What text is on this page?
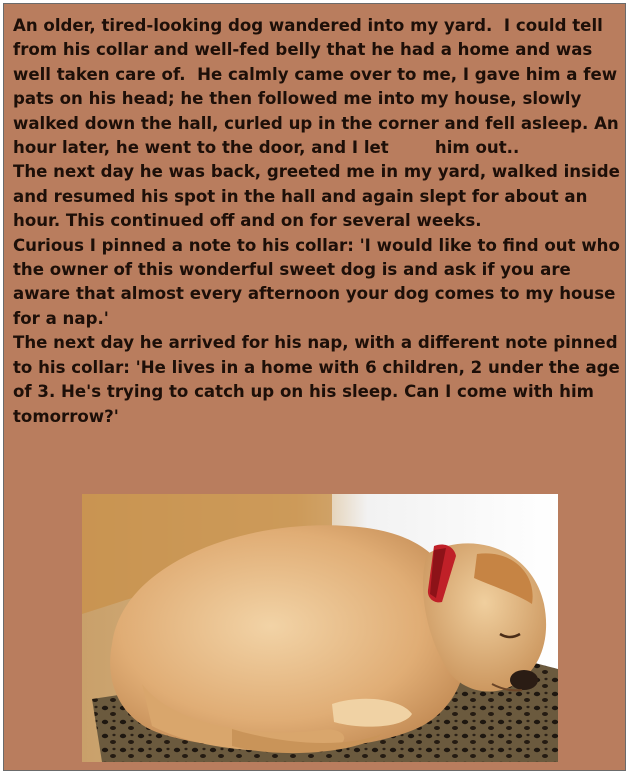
An older, tired-looking dog wandered into my yard.  I could tell from his collar and well-fed belly that he had a home and was well taken care of.  He calmly came over to me, I gave him a few pats on his head; he then followed me into my house, slowly walked down the hall, curled up in the corner and fell asleep. An hour later, he went to the door, and I let        him out..

The next day he was back, greeted me in my yard, walked inside and resumed his spot in the hall and again slept for about an hour. This continued off and on for several weeks.

Curious I pinned a note to his collar: 'I would like to find out who the owner of this wonderful sweet dog is and ask if you are aware that almost every afternoon your dog comes to my house for a nap.'

The next day he arrived for his nap, with a different note pinned to his collar: 'He lives in a home with 6 children, 2 under the age of 3. He's trying to catch up on his sleep. Can I come with him tomorrow?'
